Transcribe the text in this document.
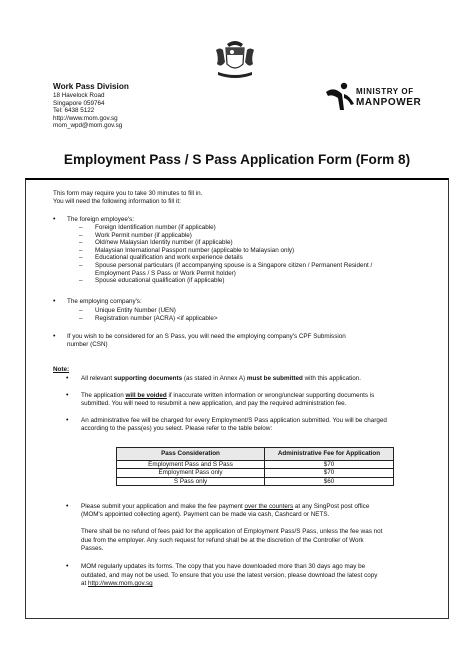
Work Pass Division
18 Havelock Road
Singapore 059764
Tel: 6438 5122
http://www.mom.gov.sg
mom_wpd@mom.gov.sg
MINISTRY OF
MANPOWER
Employment Pass / S Pass Application Form (Form 8)
This form may require you to take 30 minutes to fill in.
You will need the following information to fill it:
• The foreign employee's:
– Foreign Identification number (if applicable)
– Work Permit number (if applicable)
– Old/new Malaysian Identity number (if applicable)
– Malaysian International Passport number (applicable to Malaysian only)
– Educational qualification and work experience details
– Spouse personal particulars (if accompanying spouse is a Singapore citizen / Permanent Resident /
Employment Pass / S Pass or Work Permit holder)
– Spouse educational qualification (if applicable)
• The employing company's:
– Unique Entity Number (UEN)
– Registration number (ACRA) <if applicable>
• If you wish to be considered for an S Pass, you will need the employing company's CPF Submission
number (CSN)
Note:
• All relevant supporting documents (as stated in Annex A) must be submitted with this application.
• The application will be voided if inaccurate written information or wrong/unclear supporting documents is
submitted. You will need to resubmit a new application, and pay the required administration fee.
• An administrative fee will be charged for every Employment/S Pass application submitted. You will be charged
according to the pass(es) you select. Please refer to the table below:
Pass Consideration	Administrative Fee for Application
Employment Pass and S Pass	$70
Employment Pass only	$70
S Pass only	$60
• Please submit your application and make the fee payment over the counters at any SingPost post office
(MOM's appointed collecting agent). Payment can be made via cash, Cashcard or NETS.
There shall be no refund of fees paid for the application of Employment Pass/S Pass, unless the fee was not
due from the employer. Any such request for refund shall be at the discretion of the Controller of Work
Passes.
• MOM regularly updates its forms. The copy that you have downloaded more than 30 days ago may be
outdated, and may not be used. To ensure that you use the latest version, please download the latest copy
at http://www.mom.gov.sg
